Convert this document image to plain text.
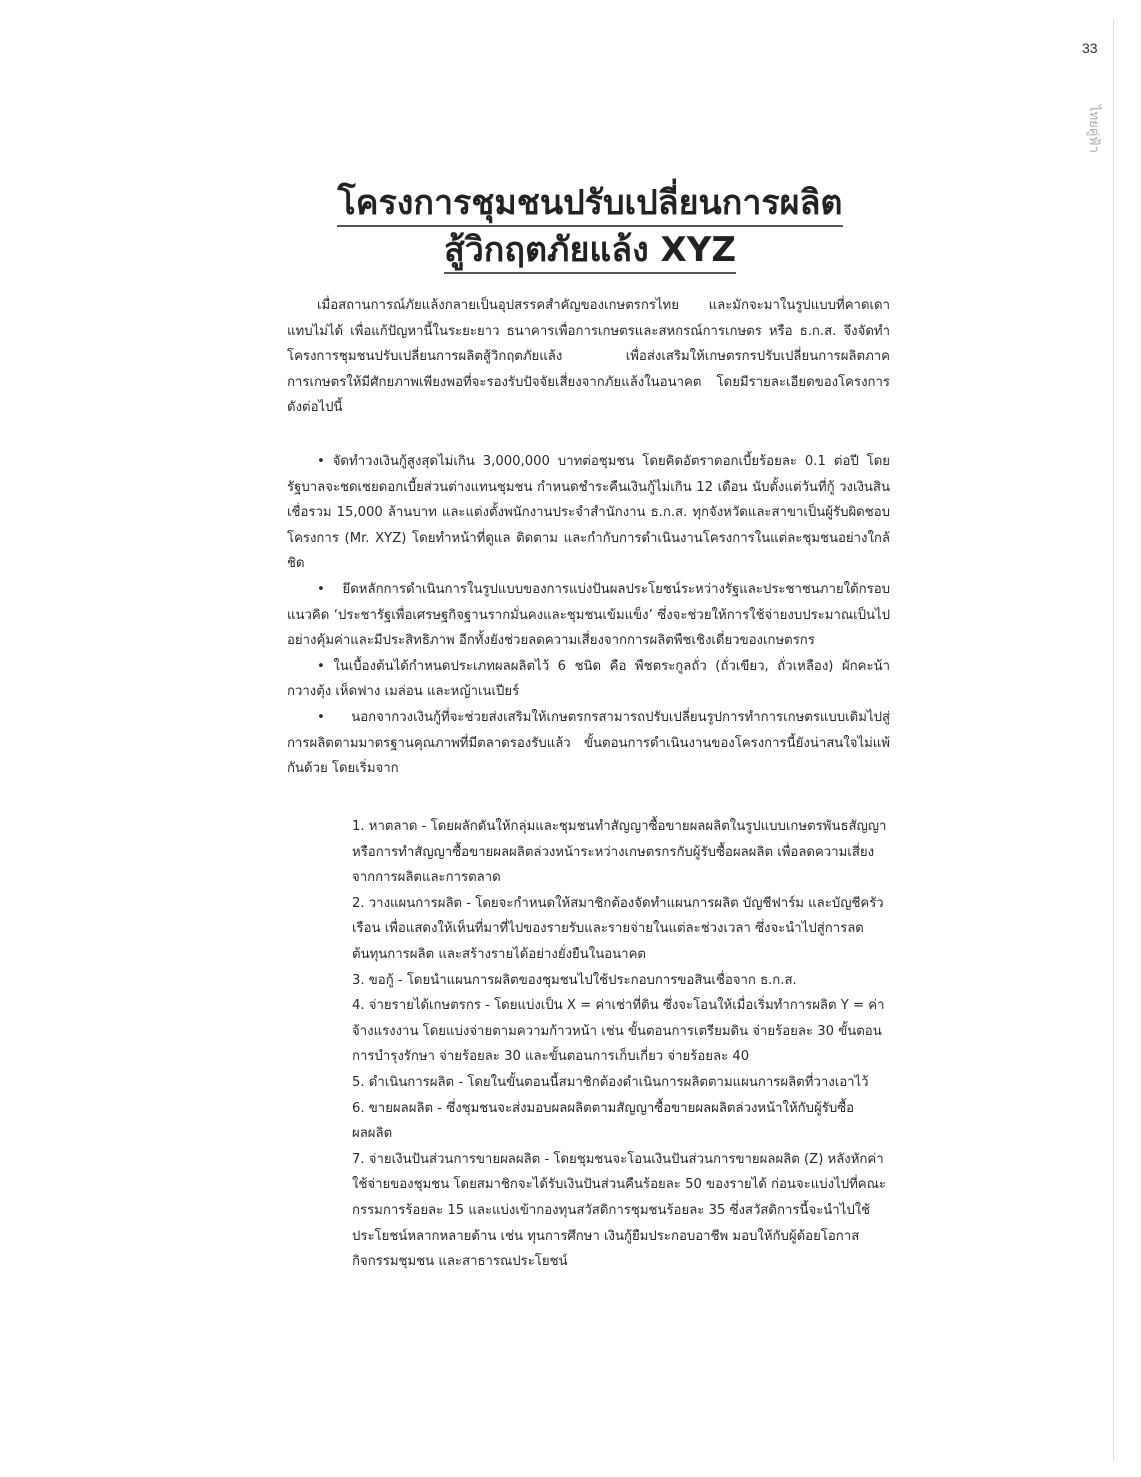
33
ไทยคู่ฟ้า
โครงการชุมชนปรับเปลี่ยนการผลิต
สู้วิกฤตภัยแล้ง XYZ

เมื่อสถานการณ์ภัยแล้งกลายเป็นอุปสรรคสำคัญของเกษตรกรไทย และมักจะมาในรูปแบบที่คาดเดาแทบไม่ได้ เพื่อแก้ปัญหานี้ในระยะยาว ธนาคารเพื่อการเกษตรและสหกรณ์การเกษตร หรือ ธ.ก.ส. จึงจัดทำโครงการชุมชนปรับเปลี่ยนการผลิตสู้วิกฤตภัยแล้ง เพื่อส่งเสริมให้เกษตรกรปรับเปลี่ยนการผลิตภาคการเกษตรให้มีศักยภาพเพียงพอที่จะรองรับปัจจัยเสี่ยงจากภัยแล้งในอนาคต โดยมีรายละเอียดของโครงการดังต่อไปนี้

• จัดทำวงเงินกู้สูงสุดไม่เกิน 3,000,000 บาทต่อชุมชน โดยคิดอัตราดอกเบี้ยร้อยละ 0.1 ต่อปี โดยรัฐบาลจะชดเชยดอกเบี้ยส่วนต่างแทนชุมชน กำหนดชำระคืนเงินกู้ไม่เกิน 12 เดือน นับตั้งแต่วันที่กู้ วงเงินสินเชื่อรวม 15,000 ล้านบาท และแต่งตั้งพนักงานประจำสำนักงาน ธ.ก.ส. ทุกจังหวัดและสาขาเป็นผู้รับผิดชอบโครงการ (Mr. XYZ) โดยทำหน้าที่ดูแล ติดตาม และกำกับการดำเนินงานโครงการในแต่ละชุมชนอย่างใกล้ชิด

• ยึดหลักการดำเนินการในรูปแบบของการแบ่งปันผลประโยชน์ระหว่างรัฐและประชาชนภายใต้กรอบแนวคิด ‘ประชารัฐเพื่อเศรษฐกิจฐานรากมั่นคงและชุมชนเข้มแข็ง’ ซึ่งจะช่วยให้การใช้จ่ายงบประมาณเป็นไปอย่างคุ้มค่าและมีประสิทธิภาพ อีกทั้งยังช่วยลดความเสี่ยงจากการผลิตพืชเชิงเดี่ยวของเกษตรกร

• ในเบื้องต้นได้กำหนดประเภทผลผลิตไว้ 6 ชนิด คือ พืชตระกูลถั่ว (ถั่วเขียว, ถั่วเหลือง) ผักคะน้า กวางตุ้ง เห็ดฟาง เมล่อน และหญ้าเนเปียร์

• นอกจากวงเงินกู้ที่จะช่วยส่งเสริมให้เกษตรกรสามารถปรับเปลี่ยนรูปการทำการเกษตรแบบเดิมไปสู่การผลิตตามมาตรฐานคุณภาพที่มีตลาดรองรับแล้ว ขั้นตอนการดำเนินงานของโครงการนี้ยังน่าสนใจไม่แพ้กันด้วย โดยเริ่มจาก

1. หาตลาด - โดยผลักดันให้กลุ่มและชุมชนทำสัญญาซื้อขายผลผลิตในรูปแบบเกษตรพันธสัญญา หรือการทำสัญญาซื้อขายผลผลิตล่วงหน้าระหว่างเกษตรกรกับผู้รับซื้อผลผลิต เพื่อลดความเสี่ยงจากการผลิตและการตลาด

2. วางแผนการผลิต - โดยจะกำหนดให้สมาชิกต้องจัดทำแผนการผลิต บัญชีฟาร์ม และบัญชีครัวเรือน เพื่อแสดงให้เห็นที่มาที่ไปของรายรับและรายจ่ายในแต่ละช่วงเวลา ซึ่งจะนำไปสู่การลดต้นทุนการผลิต และสร้างรายได้อย่างยั่งยืนในอนาคต

3. ขอกู้ - โดยนำแผนการผลิตของชุมชนไปใช้ประกอบการขอสินเชื่อจาก ธ.ก.ส.

4. จ่ายรายได้เกษตรกร - โดยแบ่งเป็น X = ค่าเช่าที่ดิน ซึ่งจะโอนให้เมื่อเริ่มทำการผลิต Y = ค่าจ้างแรงงาน โดยแบ่งจ่ายตามความก้าวหน้า เช่น ขั้นตอนการเตรียมดิน จ่ายร้อยละ 30 ขั้นตอนการบำรุงรักษา จ่ายร้อยละ 30 และขั้นตอนการเก็บเกี่ยว จ่ายร้อยละ 40

5. ดำเนินการผลิต - โดยในขั้นตอนนี้สมาชิกต้องดำเนินการผลิตตามแผนการผลิตที่วางเอาไว้

6. ขายผลผลิต - ซึ่งชุมชนจะส่งมอบผลผลิตตามสัญญาซื้อขายผลผลิตล่วงหน้าให้กับผู้รับซื้อผลผลิต

7. จ่ายเงินปันส่วนการขายผลผลิต - โดยชุมชนจะโอนเงินปันส่วนการขายผลผลิต (Z) หลังหักค่าใช้จ่ายของชุมชน โดยสมาชิกจะได้รับเงินปันส่วนคืนร้อยละ 50 ของรายได้ ก่อนจะแบ่งไปที่คณะกรรมการร้อยละ 15 และแบ่งเข้ากองทุนสวัสดิการชุมชนร้อยละ 35 ซึ่งสวัสดิการนี้จะนำไปใช้ประโยชน์หลากหลายด้าน เช่น ทุนการศึกษา เงินกู้ยืมประกอบอาชีพ มอบให้กับผู้ด้อยโอกาส กิจกรรมชุมชน และสาธารณประโยชน์
